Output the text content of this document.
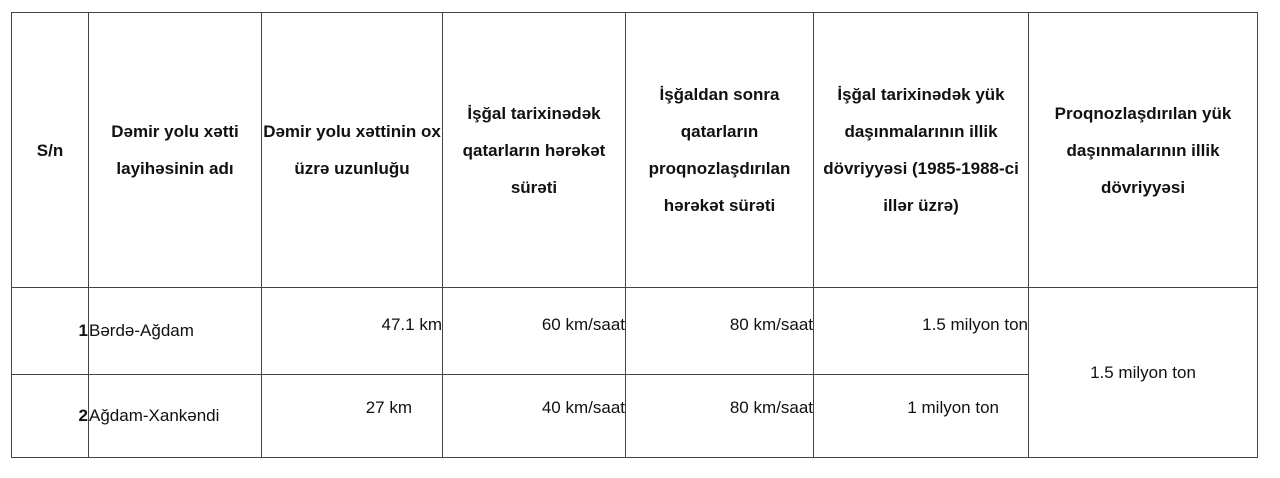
S/n	Dəmir yolu xətti layihəsinin adı	Dəmir yolu xəttinin ox üzrə uzunluğu	İşğal tarixinədək qatarların hərəkət sürəti	İşğaldan sonra qatarların proqnozlaşdırılan hərəkət sürəti	İşğal tarixinədək yük daşınmalarının illik dövriyyəsi (1985-1988-ci illər üzrə)	Proqnozlaşdırılan yük daşınmalarının illik dövriyyəsi
1	Bərdə-Ağdam	47.1 km	60 km/saat	80 km/saat	1.5 milyon ton	1.5 milyon ton
2	Ağdam-Xankəndi	27 km	40 km/saat	80 km/saat	1 milyon ton	
